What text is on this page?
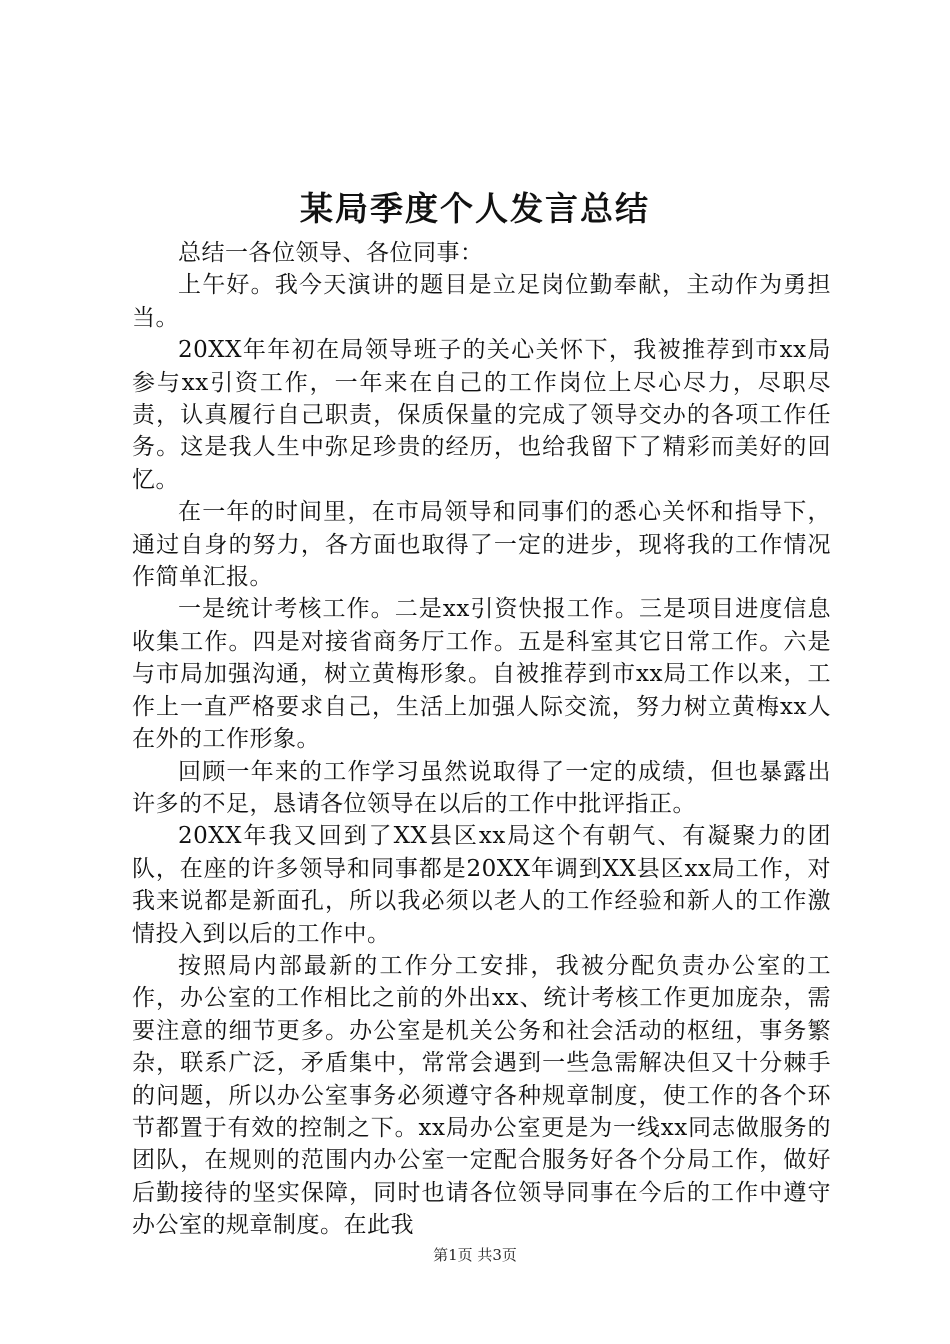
某局季度个人发言总结

总结一各位领导、各位同事：

上午好。我今天演讲的题目是立足岗位勤奉献，主动作为勇担当。

20XX年年初在局领导班子的关心关怀下，我被推荐到市xx局参与xx引资工作，一年来在自己的工作岗位上尽心尽力，尽职尽责，认真履行自己职责，保质保量的完成了领导交办的各项工作任务。这是我人生中弥足珍贵的经历，也给我留下了精彩而美好的回忆。

在一年的时间里，在市局领导和同事们的悉心关怀和指导下，通过自身的努力，各方面也取得了一定的进步，现将我的工作情况作简单汇报。

一是统计考核工作。二是xx引资快报工作。三是项目进度信息收集工作。四是对接省商务厅工作。五是科室其它日常工作。六是与市局加强沟通，树立黄梅形象。自被推荐到市xx局工作以来，工作上一直严格要求自己，生活上加强人际交流，努力树立黄梅xx人在外的工作形象。

回顾一年来的工作学习虽然说取得了一定的成绩，但也暴露出许多的不足，恳请各位领导在以后的工作中批评指正。

20XX年我又回到了XX县区xx局这个有朝气、有凝聚力的团队，在座的许多领导和同事都是20XX年调到XX县区xx局工作，对我来说都是新面孔，所以我必须以老人的工作经验和新人的工作激情投入到以后的工作中。

按照局内部最新的工作分工安排，我被分配负责办公室的工作，办公室的工作相比之前的外出xx、统计考核工作更加庞杂，需要注意的细节更多。办公室是机关公务和社会活动的枢纽，事务繁杂，联系广泛，矛盾集中，常常会遇到一些急需解决但又十分棘手的问题，所以办公室事务必须遵守各种规章制度，使工作的各个环节都置于有效的控制之下。xx局办公室更是为一线xx同志做服务的团队，在规则的范围内办公室一定配合服务好各个分局工作，做好后勤接待的坚实保障，同时也请各位领导同事在今后的工作中遵守办公室的规章制度。在此我

第1页 共3页
